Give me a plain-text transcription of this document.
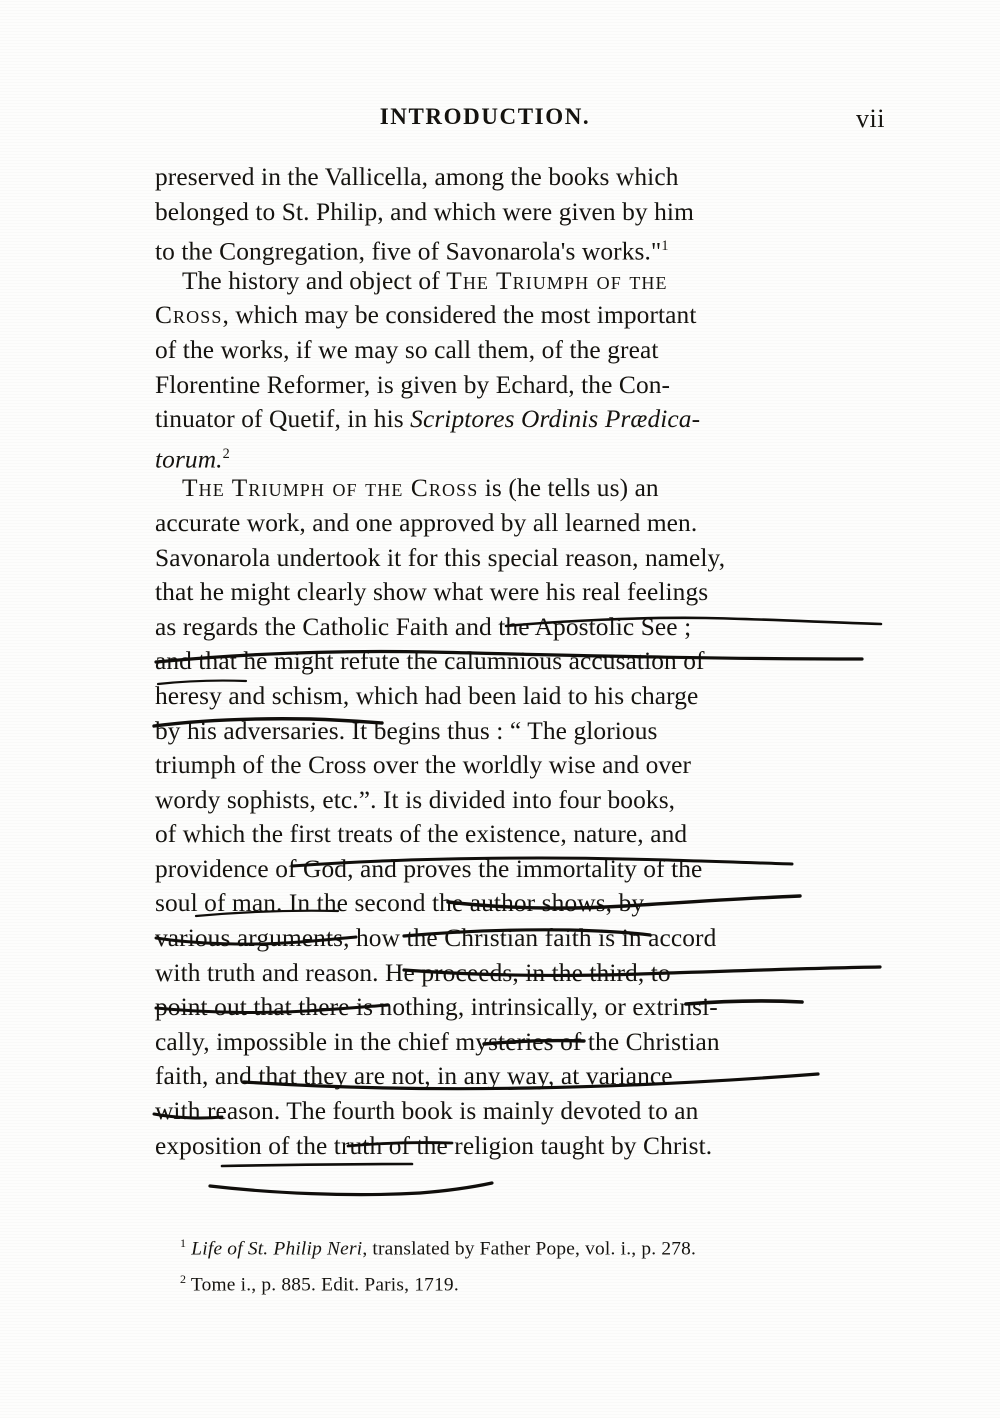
INTRODUCTION.	vii
preserved in the Vallicella, among the books which
belonged to St. Philip, and which were given by him
to the Congregation, five of Savonarola's works."$^1$
The history and object of The Triumph of the
Cross, which may be considered the most important
of the works, if we may so call them, of the great
Florentine Reformer, is given by Echard, the Con-
tinuator of Quetif, in his Scriptores Ordinis Prædica-
torum.$^2$
The Triumph of the Cross is (he tells us) an
accurate work, and one approved by all learned men.
Savonarola undertook it for this special reason, namely,
that he might clearly show what were his real feelings
as regards the Catholic Faith and the Apostolic See ;
and that he might refute the calumnious accusation of
heresy and schism, which had been laid to his charge
by his adversaries. It begins thus : “ The glorious
triumph of the Cross over the worldly wise and over
wordy sophists, etc.”. It is divided into four books,
of which the first treats of the existence, nature, and
providence of God, and proves the immortality of the
soul of man. In the second the author shows, by
various arguments, how the Christian faith is in accord
with truth and reason. He proceeds, in the third, to
point out that there is nothing, intrinsically, or extrinsi-
cally, impossible in the chief mysteries of the Christian
faith, and that they are not, in any way, at variance
with reason. The fourth book is mainly devoted to an
exposition of the truth of the religion taught by Christ.
$^1$ Life of St. Philip Neri, translated by Father Pope, vol. i., p. 278.
$^2$ Tome i., p. 885. Edit. Paris, 1719.
